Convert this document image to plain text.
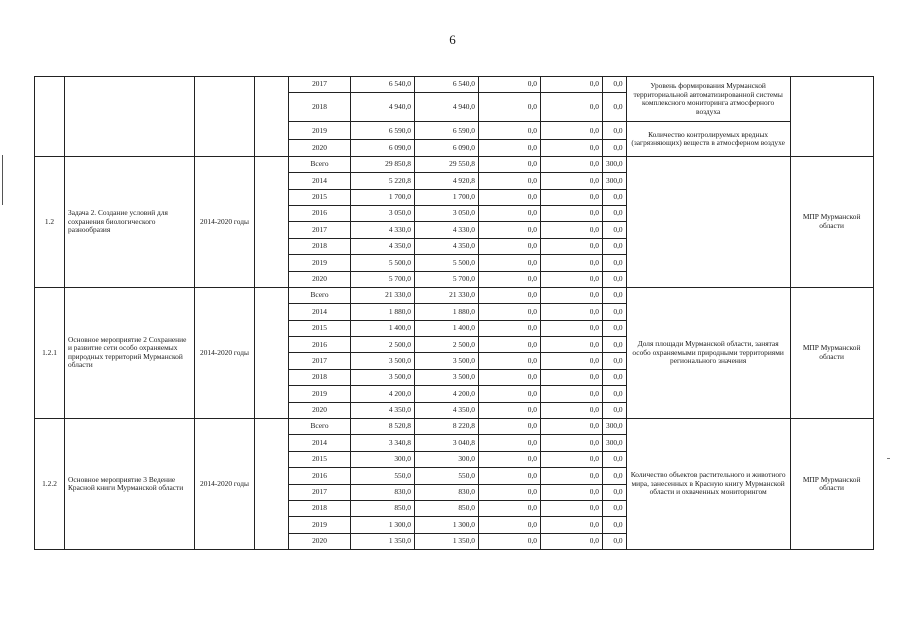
6
				2017	6 540,0	6 540,0	0,0	0,0	0,0	Уровень формирования Мурманской территориальной автоматизированной системы комплексного мониторинга атмосферного воздуха	
				2018	4 940,0	4 940,0	0,0	0,0	0,0		
				2019	6 590,0	6 590,0	0,0	0,0	0,0	Количество контролируемых вредных (загрязняющих) веществ в атмосферном воздухе	
				2020	6 090,0	6 090,0	0,0	0,0	0,0		
1.2	Задача 2. Создание условий для сохранения биологического разнообразия	2014-2020 годы		Всего	29 850,8	29 550,8	0,0	0,0	300,0		МПР Мурманской области
				2014	5 220,8	4 920,8	0,0	0,0	300,0		
				2015	1 700,0	1 700,0	0,0	0,0	0,0		
				2016	3 050,0	3 050,0	0,0	0,0	0,0		
				2017	4 330,0	4 330,0	0,0	0,0	0,0		
				2018	4 350,0	4 350,0	0,0	0,0	0,0		
				2019	5 500,0	5 500,0	0,0	0,0	0,0		
				2020	5 700,0	5 700,0	0,0	0,0	0,0		
1.2.1	Основное мероприятие 2 Сохранение и развитие сети особо охраняемых природных территорий Мурманской области	2014-2020 годы		Всего	21 330,0	21 330,0	0,0	0,0	0,0	Доля площади Мурманской области, занятая особо охраняемыми природными территориями регионального значения	МПР Мурманской области
				2014	1 880,0	1 880,0	0,0	0,0	0,0		
				2015	1 400,0	1 400,0	0,0	0,0	0,0		
				2016	2 500,0	2 500,0	0,0	0,0	0,0		
				2017	3 500,0	3 500,0	0,0	0,0	0,0		
				2018	3 500,0	3 500,0	0,0	0,0	0,0		
				2019	4 200,0	4 200,0	0,0	0,0	0,0		
				2020	4 350,0	4 350,0	0,0	0,0	0,0		
1.2.2	Основное мероприятие 3 Ведение Красной книги Мурманской области	2014-2020 годы		Всего	8 520,8	8 220,8	0,0	0,0	300,0	Количество объектов растительного и животного мира, занесенных в Красную книгу Мурманской области и охваченных мониторингом	МПР Мурманской области
				2014	3 340,8	3 040,8	0,0	0,0	300,0		
				2015	300,0	300,0	0,0	0,0	0,0		
				2016	550,0	550,0	0,0	0,0	0,0		
				2017	830,0	830,0	0,0	0,0	0,0		
				2018	850,0	850,0	0,0	0,0	0,0		
				2019	1 300,0	1 300,0	0,0	0,0	0,0		
				2020	1 350,0	1 350,0	0,0	0,0	0,0		
